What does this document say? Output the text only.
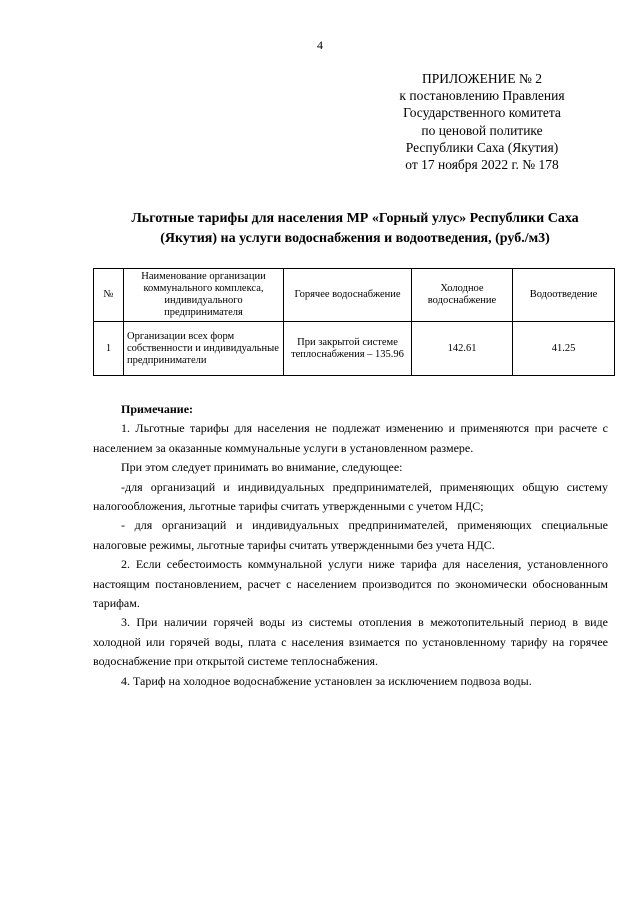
4
ПРИЛОЖЕНИЕ № 2
к постановлению Правления
Государственного комитета
по ценовой политике
Республики Саха (Якутия)
от 17 ноября 2022 г. № 178
Льготные тарифы для населения МР «Горный улус» Республики Саха
(Якутия) на услуги водоснабжения и водоотведения, (руб./м3)
№	Наименование организации коммунального комплекса, индивидуального предпринимателя	Горячее водоснабжение	Холодное водоснабжение	Водоотведение
1	Организации всех форм собственности и индивидуальные предприниматели	При закрытой системе теплоснабжения – 135.96	142.61	41.25

Примечание:

1. Льготные тарифы для населения не подлежат изменению и применяются при расчете с населением за оказанные коммунальные услуги в установленном размере.

При этом следует принимать во внимание, следующее:

-для организаций и индивидуальных предпринимателей, применяющих общую систему налогообложения, льготные тарифы считать утвержденными с учетом НДС;

- для организаций и индивидуальных предпринимателей, применяющих специальные налоговые режимы, льготные тарифы считать утвержденными без учета НДС.

2. Если себестоимость коммунальной услуги ниже тарифа для населения, установленного настоящим постановлением, расчет с населением производится по экономически обоснованным тарифам.

3. При наличии горячей воды из системы отопления в межотопительный период в виде холодной или горячей воды, плата с населения взимается по установленному тарифу на горячее водоснабжение при открытой системе теплоснабжения.

4. Тариф на холодное водоснабжение установлен за исключением подвоза воды.
